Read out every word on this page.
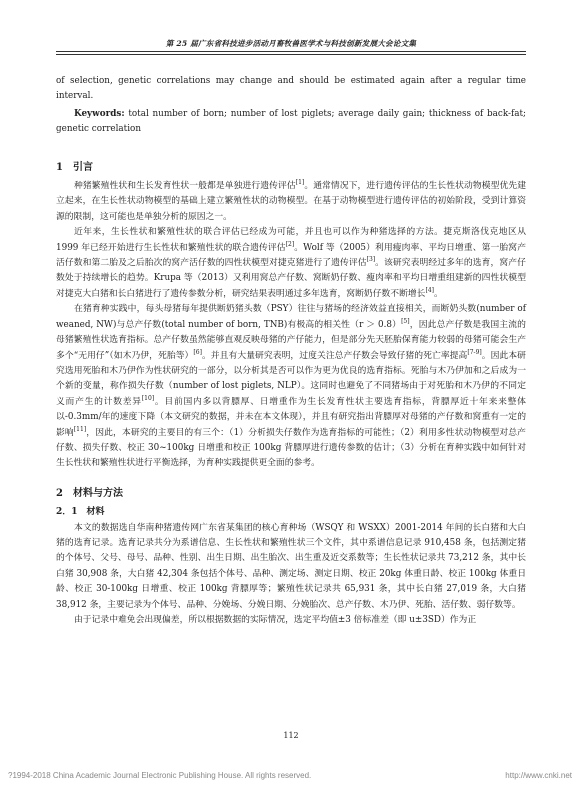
第 25 届广东省科技进步活动月畜牧兽医学术与科技创新发展大会论文集

of selection, genetic correlations may change and should be estimated again after a regular time interval.

Keywords: total number of born; number of lost piglets; average daily gain; thickness of back-fat; genetic correlation

1　引言

种猪繁殖性状和生长发育性状一般都是单独进行遗传评估[1]。通常情况下，进行遗传评估的生长性状动物模型优先建立起来，在生长性状动物模型的基础上建立繁殖性状的动物模型。在基于动物模型进行遗传评估的初始阶段，受到计算资源的限制，这可能也是单独分析的原因之一。

近年来，生长性状和繁殖性状的联合评估已经成为可能，并且也可以作为种猪选择的方法。捷克斯洛伐克地区从 1999 年已经开始进行生长性状和繁殖性状的联合遗传评估[2]。Wolf 等（2005）利用瘦肉率、平均日增重、第一胎窝产活仔数和第二胎及之后胎次的窝产活仔数的四性状模型对捷克猪进行了遗传评估[3]。该研究表明经过多年的选育，窝产仔数处于持续增长的趋势。Krupa 等（2013）又利用窝总产仔数、窝断奶仔数、瘦肉率和平均日增重组建新的四性状模型对捷克大白猪和长白猪进行了遗传参数分析，研究结果表明通过多年选育，窝断奶仔数不断增长[4]。

在猪育种实践中，每头母猪每年提供断奶猪头数（PSY）往往与猪场的经济效益直接相关，而断奶头数(number of weaned, NW)与总产仔数(total number of born, TNB)有极高的相关性（r ＞ 0.8）[5]，因此总产仔数是我国主流的母猪繁殖性状选育指标。总产仔数虽然能够直观反映母猪的产仔能力，但是部分先天胚胎保育能力较弱的母猪可能会生产多个“无用仔”（如木乃伊，死胎等）[6]。并且有大量研究表明，过度关注总产仔数会导致仔猪的死亡率提高[7-9]。因此本研究选用死胎和木乃伊作为性状研究的一部分，以分析其是否可以作为更为优良的选育指标。死胎与木乃伊加和之后成为一个新的变量，称作损失仔数（number of lost piglets, NLP）。这同时也避免了不同猪场由于对死胎和木乃伊的不同定义而产生的计数差异[10]。目前国内多以背膘厚、日增重作为生长发育性状主要选育指标，背膘厚近十年来来整体以-0.3mm/年的速度下降（本文研究的数据，并未在本文体现），并且有研究指出背膘厚对母猪的产仔数和窝重有一定的影响[11]，因此，本研究的主要目的有三个：（1）分析损失仔数作为选育指标的可能性；（2）利用多性状动物模型对总产仔数、损失仔数、校正 30~100kg 日增重和校正 100kg 背膘厚进行遗传参数的估计；（3）分析在育种实践中如何针对生长性状和繁殖性状进行平衡选择，为育种实践提供更全面的参考。

2　材料与方法
2．1　材料

本文的数据选自华南种猪遗传网广东省某集团的核心育种场（WSQY 和 WSXX）2001-2014 年间的长白猪和大白猪的选育记录。选育记录共分为系谱信息、生长性状和繁殖性状三个文件，其中系谱信息记录 910,458 条，包括测定猪的个体号、父号、母号、品种、性别、出生日期、出生胎次、出生重及近交系数等；生长性状记录共 73,212 条，其中长白猪 30,908 条，大白猪 42,304 条包括个体号、品种、测定场、测定日期、校正 20kg 体重日龄、校正 100kg 体重日龄、校正 30-100kg 日增重、校正 100kg 背膘厚等；繁殖性状记录共 65,931 条，其中长白猪 27,019 条，大白猪 38,912 条，主要记录为个体号、品种、分娩场、分娩日期、分娩胎次、总产仔数、木乃伊、死胎、活仔数、弱仔数等。

由于记录中难免会出现偏差，所以根据数据的实际情况，选定平均值±3 倍标准差（即 u±3SD）作为正

112
?1994-2018 China Academic Journal Electronic Publishing House. All rights reserved.	http://www.cnki.net
